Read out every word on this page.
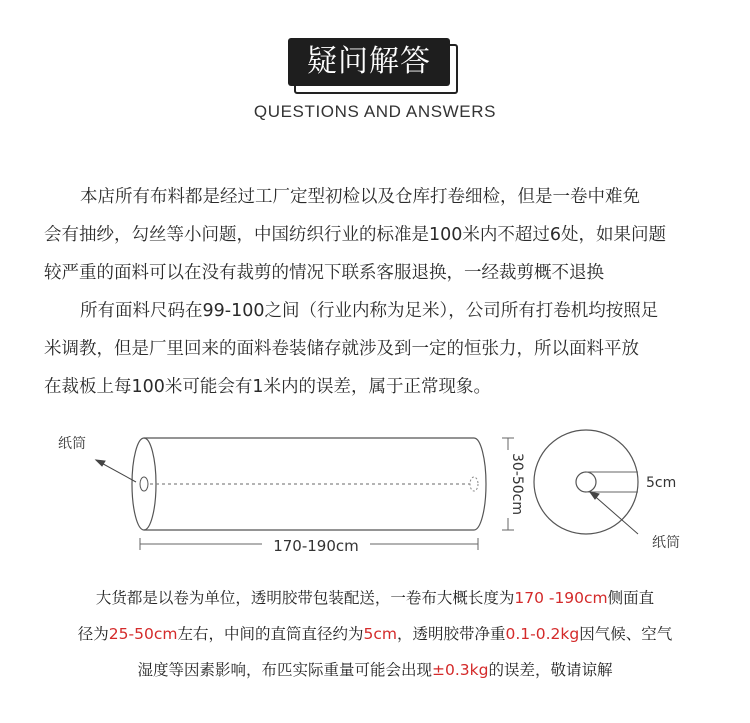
疑问解答
QUESTIONS AND ANSWERS
本店所有布料都是经过工厂定型初检以及仓库打卷细检，但是一卷中难免
会有抽纱，勾丝等小问题，中国纺织行业的标准是100米内不超过6处，如果问题
较严重的面料可以在没有裁剪的情况下联系客服退换，一经裁剪概不退换
所有面料尺码在99-100之间（行业内称为足米），公司所有打卷机均按照足
米调教，但是厂里回来的面料卷装储存就涉及到一定的恒张力，所以面料平放
在裁板上每100米可能会有1米内的误差，属于正常现象。
纸筒
170-190cm
30-50cm	5cm
纸筒
大货都是以卷为单位，透明胶带包装配送，一卷布大概长度为170 -190cm侧面直
径为25-50cm左右，中间的直筒直径约为5cm，透明胶带净重0.1-0.2kg因气候、空气
湿度等因素影响，布匹实际重量可能会出现±0.3kg的误差，敬请谅解
